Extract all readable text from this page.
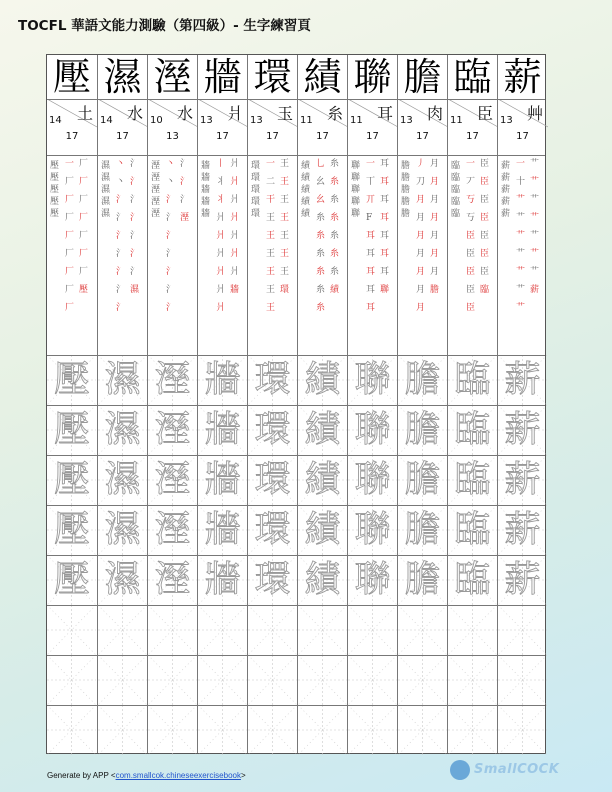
TOCFL 華語文能力測驗（第四級）- 生字練習頁
壓
土
14
17
壓
壓
壓
壓
壓
一
厂
厂
厂
厂
厂
厂
厂
厂
厂
厂
厂
厂
厂
厂
厂
壓
壓
壓
壓
壓
壓
濕
水
14
17
濕
濕
濕
濕
濕
丶
丶
氵
氵
氵
氵
氵
氵
氵
氵
氵
氵
氵
氵
氵
氵
濕
濕
濕
濕
濕
濕
溼
水
10
13
溼
溼
溼
溼
溼
丶
丶
氵
氵
氵
氵
氵
氵
氵
氵
氵
氵
溼
溼
溼
溼
溼
溼
牆
爿
13
17
牆
牆
牆
牆
牆
丨
丬
丬
爿
爿
爿
爿
爿
爿
爿
爿
爿
爿
爿
爿
爿
牆
牆
牆
牆
牆
牆
環
玉
13
17
環
環
環
環
環
一
二
干
王
王
王
王
王
王
王
王
王
王
王
王
王
環
環
環
環
環
環
績
糸
11
17
績
績
績
績
績
乚
幺
幺
糸
糸
糸
糸
糸
糸
糸
糸
糸
糸
糸
糸
糸
績
績
績
績
績
績
聯
耳
11
17
聯
聯
聯
聯
聯
一
丅
丌
F
耳
耳
耳
耳
耳
耳
耳
耳
耳
耳
耳
耳
聯
聯
聯
聯
聯
聯
膽
肉
13
17
膽
膽
膽
膽
膽
丿
刀
月
月
月
月
月
月
月
月
月
月
月
月
月
月
膽
膽
膽
膽
膽
膽
臨
臣
11
17
臨
臨
臨
臨
臨
一
丆
丂
丂
臣
臣
臣
臣
臣
臣
臣
臣
臣
臣
臣
臣
臨
臨
臨
臨
臨
臨
薪
艸
13
17
薪
薪
薪
薪
薪
一
十
艹
艹
艹
艹
艹
艹
艹
艹
艹
艹
艹
艹
艹
艹
薪
薪
薪
薪
薪
薪
Generate by APP <com.smallcok.chineseexercisebook>	SmallCOCK
